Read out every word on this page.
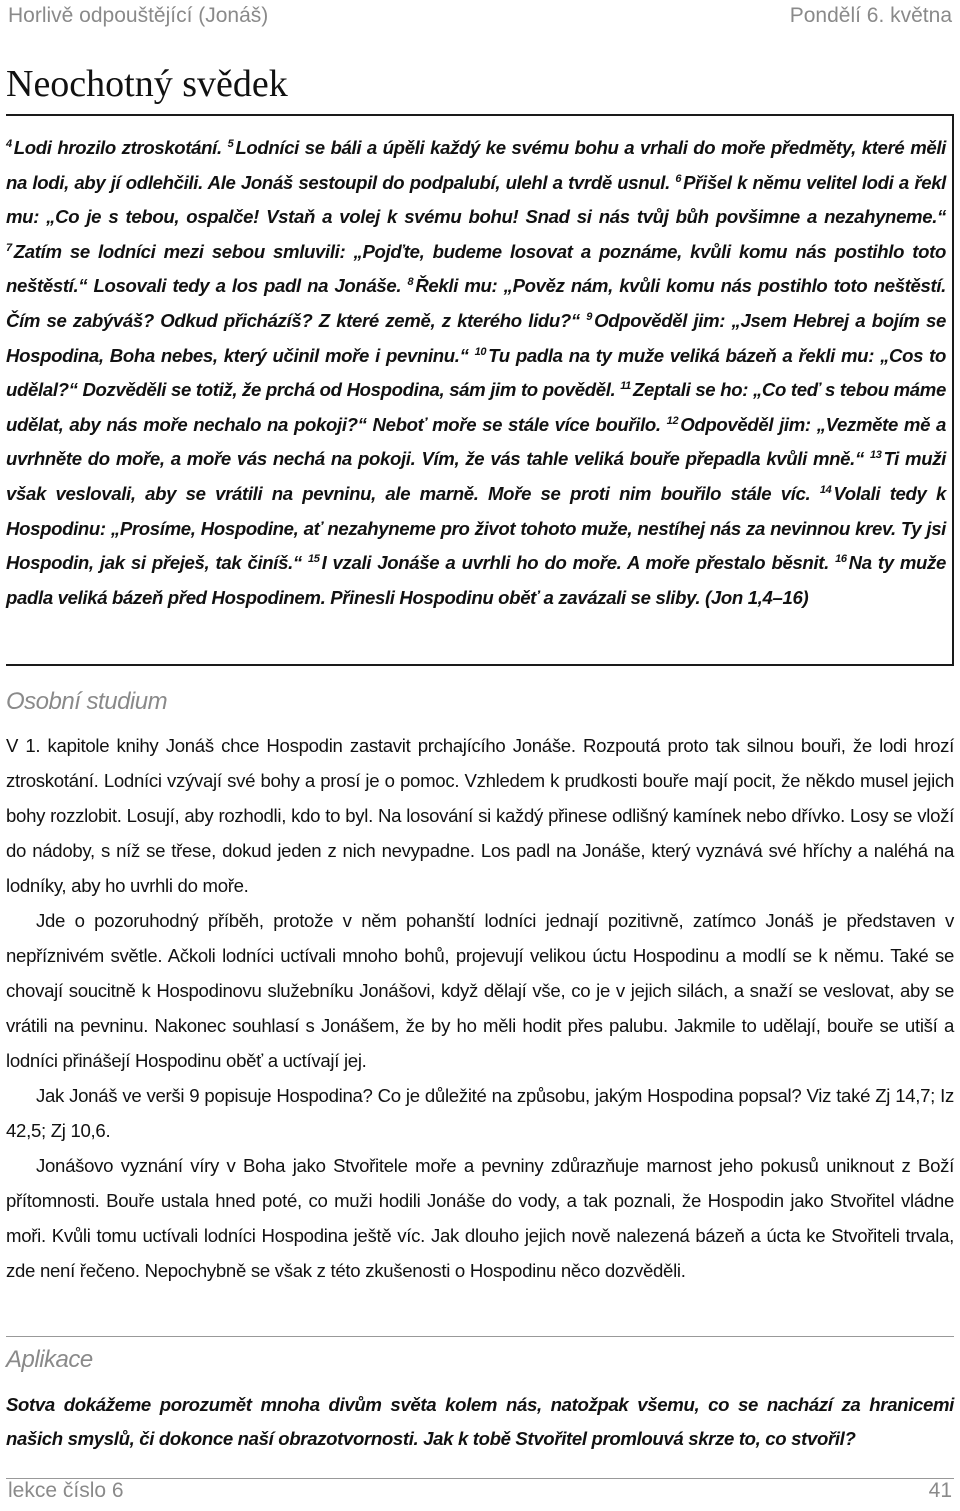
Horlivě odpouštějící (Jonáš)	Pondělí 6. května
Neochotný svědek

$^4$ Lodi hrozilo ztroskotání. $^5$ Lodníci se báli a úpěli každý ke svému bohu a vrhali do moře předměty, které měli na lodi, aby jí odlehčili. Ale Jonáš sestoupil do podpalubí, ulehl a tvrdě usnul. $^6$ Přišel k němu velitel lodi a řekl mu: „Co je s tebou, ospalče! Vstaň a volej k svému bohu! Snad si nás tvůj bůh povšimne a nezahyneme.“ $^7$ Zatím se lodníci mezi sebou smluvili: „Pojďte, budeme losovat a poznáme, kvůli komu nás postihlo toto neštěstí.“ Losovali tedy a los padl na Jonáše. $^8$ Řekli mu: „Pověz nám, kvůli komu nás postihlo toto neštěstí. Čím se zabýváš? Odkud přicházíš? Z které země, z kterého lidu?“ $^9$ Odpověděl jim: „Jsem Hebrej a bojím se Hospodina, Boha nebes, který učinil moře i pevninu.“ $^{10}$ Tu padla na ty muže veliká bázeň a řekli mu: „Cos to udělal?“ Dozvěděli se totiž, že prchá od Hospodina, sám jim to pověděl. $^{11}$ Zeptali se ho: „Co teď s tebou máme udělat, aby nás moře nechalo na pokoji?“ Neboť moře se stále více bouřilo. $^{12}$ Odpověděl jim: „Vezměte mě a uvrhněte do moře, a moře vás nechá na pokoji. Vím, že vás tahle veliká bouře přepadla kvůli mně.“ $^{13}$ Ti muži však veslovali, aby se vrátili na pevninu, ale marně. Moře se proti nim bouřilo stále víc. $^{14}$ Volali tedy k Hospodinu: „Prosíme, Hospodine, ať nezahyneme pro život tohoto muže, nestíhej nás za nevinnou krev. Ty jsi Hospodin, jak si přeješ, tak činíš.“ $^{15}$ I vzali Jonáše a uvrhli ho do moře. A moře přestalo běsnit. $^{16}$ Na ty muže padla veliká bázeň před Hospodinem. Přinesli Hospodinu oběť a zavázali se sliby. (Jon 1,4–16)

Osobní studium

V 1. kapitole knihy Jonáš chce Hospodin zastavit prchajícího Jonáše. Rozpoutá proto tak silnou bouři, že lodi hrozí ztroskotání. Lodníci vzývají své bohy a prosí je o pomoc. Vzhledem k prudkosti bouře mají pocit, že někdo musel jejich bohy rozzlobit. Losují, aby rozhodli, kdo to byl. Na losování si každý přinese odlišný kamínek nebo dřívko. Losy se vloží do nádoby, s níž se třese, dokud jeden z nich nevypadne. Los padl na Jonáše, který vyznává své hříchy a naléhá na lodníky, aby ho uvrhli do moře.

Jde o pozoruhodný příběh, protože v něm pohanští lodníci jednají pozitivně, zatímco Jonáš je představen v nepříznivém světle. Ačkoli lodníci uctívali mnoho bohů, projevují velikou úctu Hospodinu a modlí se k němu. Také se chovají soucitně k Hospodinovu služebníku Jonášovi, když dělají vše, co je v jejich silách, a snaží se veslovat, aby se vrátili na pevninu. Nakonec souhlasí s Jonášem, že by ho měli hodit přes palubu. Jakmile to udělají, bouře se utiší a lodníci přinášejí Hospodinu oběť a uctívají jej.

Jak Jonáš ve verši 9 popisuje Hospodina? Co je důležité na způsobu, jakým Hospodina popsal? Viz také Zj 14,7; Iz 42,5; Zj 10,6.

Jonášovo vyznání víry v Boha jako Stvořitele moře a pevniny zdůrazňuje marnost jeho pokusů uniknout z Boží přítomnosti. Bouře ustala hned poté, co muži hodili Jonáše do vody, a tak poznali, že Hospodin jako Stvořitel vládne moři. Kvůli tomu uctívali lodníci Hospodina ještě víc. Jak dlouho jejich nově nalezená bázeň a úcta ke Stvořiteli trvala, zde není řečeno. Nepochybně se však z této zkušenosti o Hospodinu něco dozvěděli.

Aplikace

Sotva dokážeme porozumět mnoha divům světa kolem nás, natožpak všemu, co se nachází za hranicemi našich smyslů, či dokonce naší obrazotvornosti. Jak k tobě Stvořitel promlouvá skrze to, co stvořil?

lekce číslo 6	41
